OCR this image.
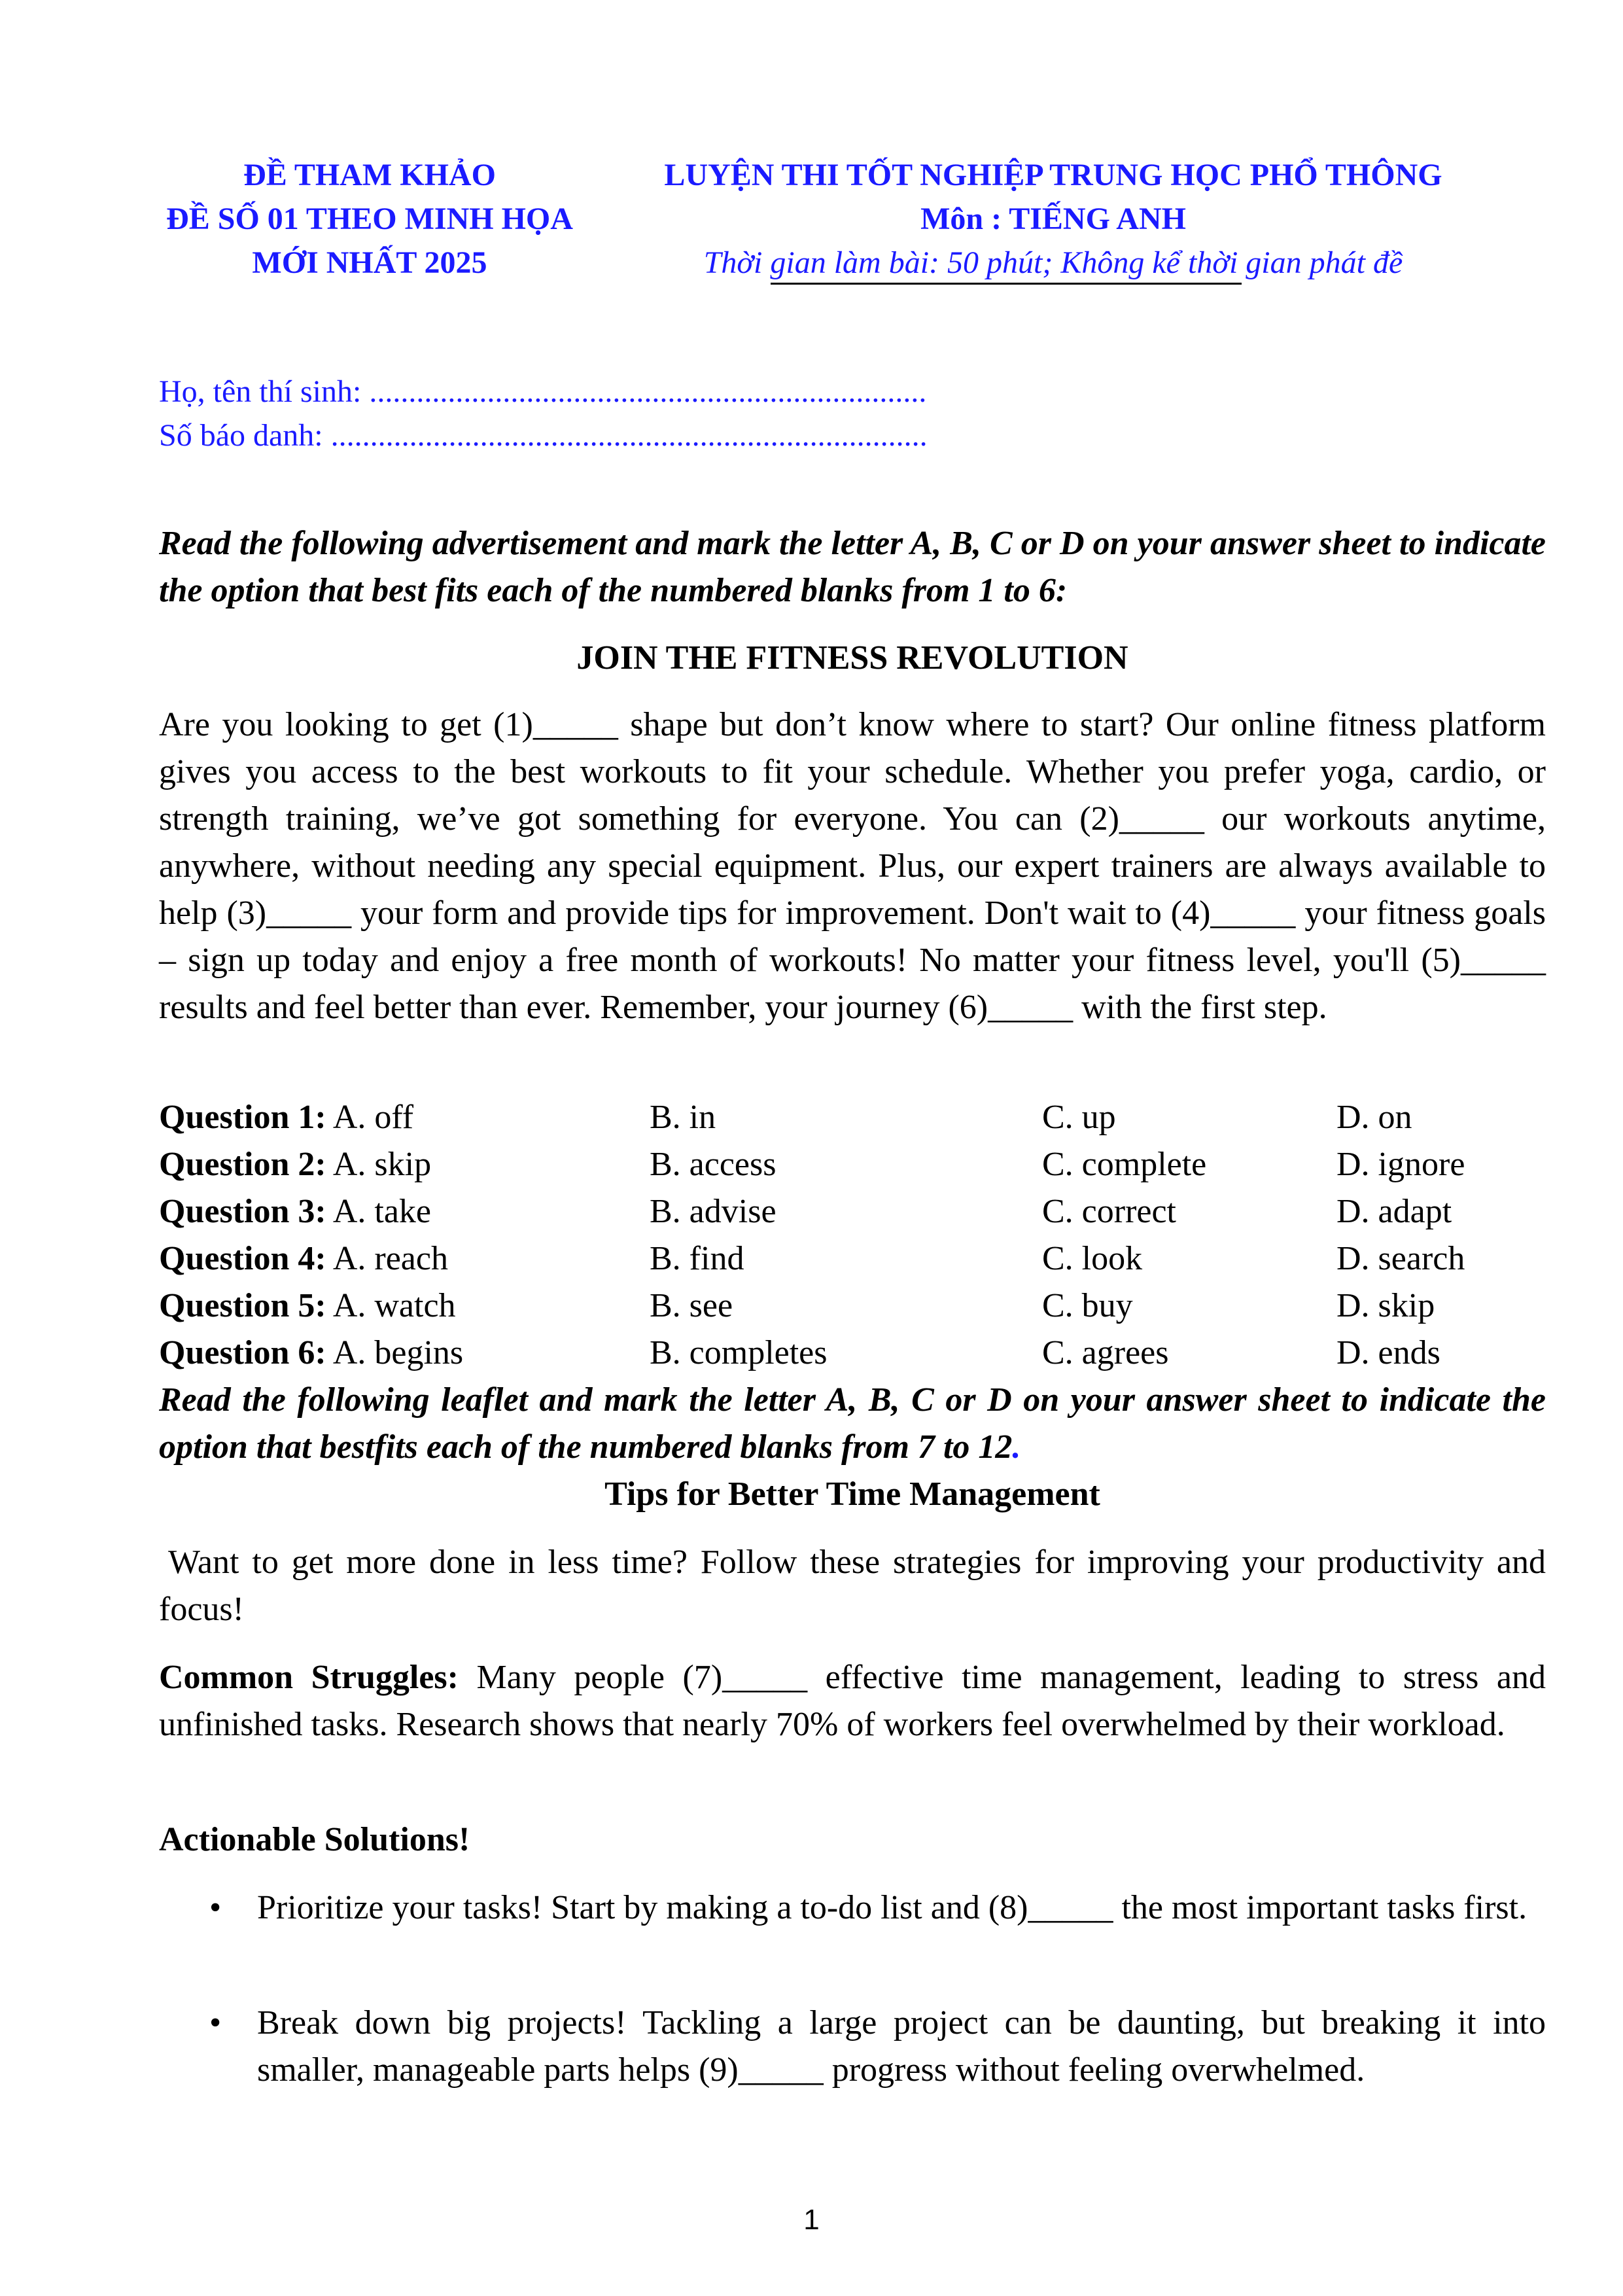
ĐỀ THAM KHẢO
ĐỀ SỐ 01 THEO MINH HỌA
MỚI NHẤT 2025
LUYỆN THI TỐT NGHIỆP TRUNG HỌC PHỔ THÔNG
Môn : TIẾNG ANH
Thời gian làm bài: 50 phút; Không kể thời gian phát đề
Họ, tên thí sinh: .......................................................................
Số báo danh: ............................................................................
Read the following advertisement and mark the letter A, B, C or D on your answer sheet to indicate the option that best fits each of the numbered blanks from 1 to 6:
JOIN THE FITNESS REVOLUTION
Are you looking to get (1)_____ shape but don’t know where to start? Our online fitness platform gives you access to the best workouts to fit your schedule. Whether you prefer yoga, cardio, or strength training, we’ve got something for everyone. You can (2)_____ our workouts anytime, anywhere, without needing any special equipment. Plus, our expert trainers are always available to help (3)_____ your form and provide tips for improvement. Don't wait to (4)_____ your fitness goals – sign up today and enjoy a free month of workouts! No matter your fitness level, you'll (5)_____ results and feel better than ever. Remember, your journey (6)_____ with the first step.
Question 1: A. off	B. in	C. up	D. on
Question 2: A. skip	B. access	C. complete	D. ignore
Question 3: A. take	B. advise	C. correct	D. adapt
Question 4: A. reach	B. find	C. look	D. search
Question 5: A. watch	B. see	C. buy	D. skip
Question 6: A. begins	B. completes	C. agrees	D. ends
Read the following leaflet and mark the letter A, B, C or D on your answer sheet to indicate the option that bestfits each of the numbered blanks from 7 to 12.
Tips for Better Time Management
Want to get more done in less time? Follow these strategies for improving your productivity and focus!
Common Struggles: Many people (7)_____ effective time management, leading to stress and unfinished tasks. Research shows that nearly 70% of workers feel overwhelmed by their workload.
Actionable Solutions!
• Prioritize your tasks! Start by making a to-do list and (8)_____ the most important tasks first.
• Break down big projects! Tackling a large project can be daunting, but breaking it into smaller, manageable parts helps (9)_____ progress without feeling overwhelmed.
1
